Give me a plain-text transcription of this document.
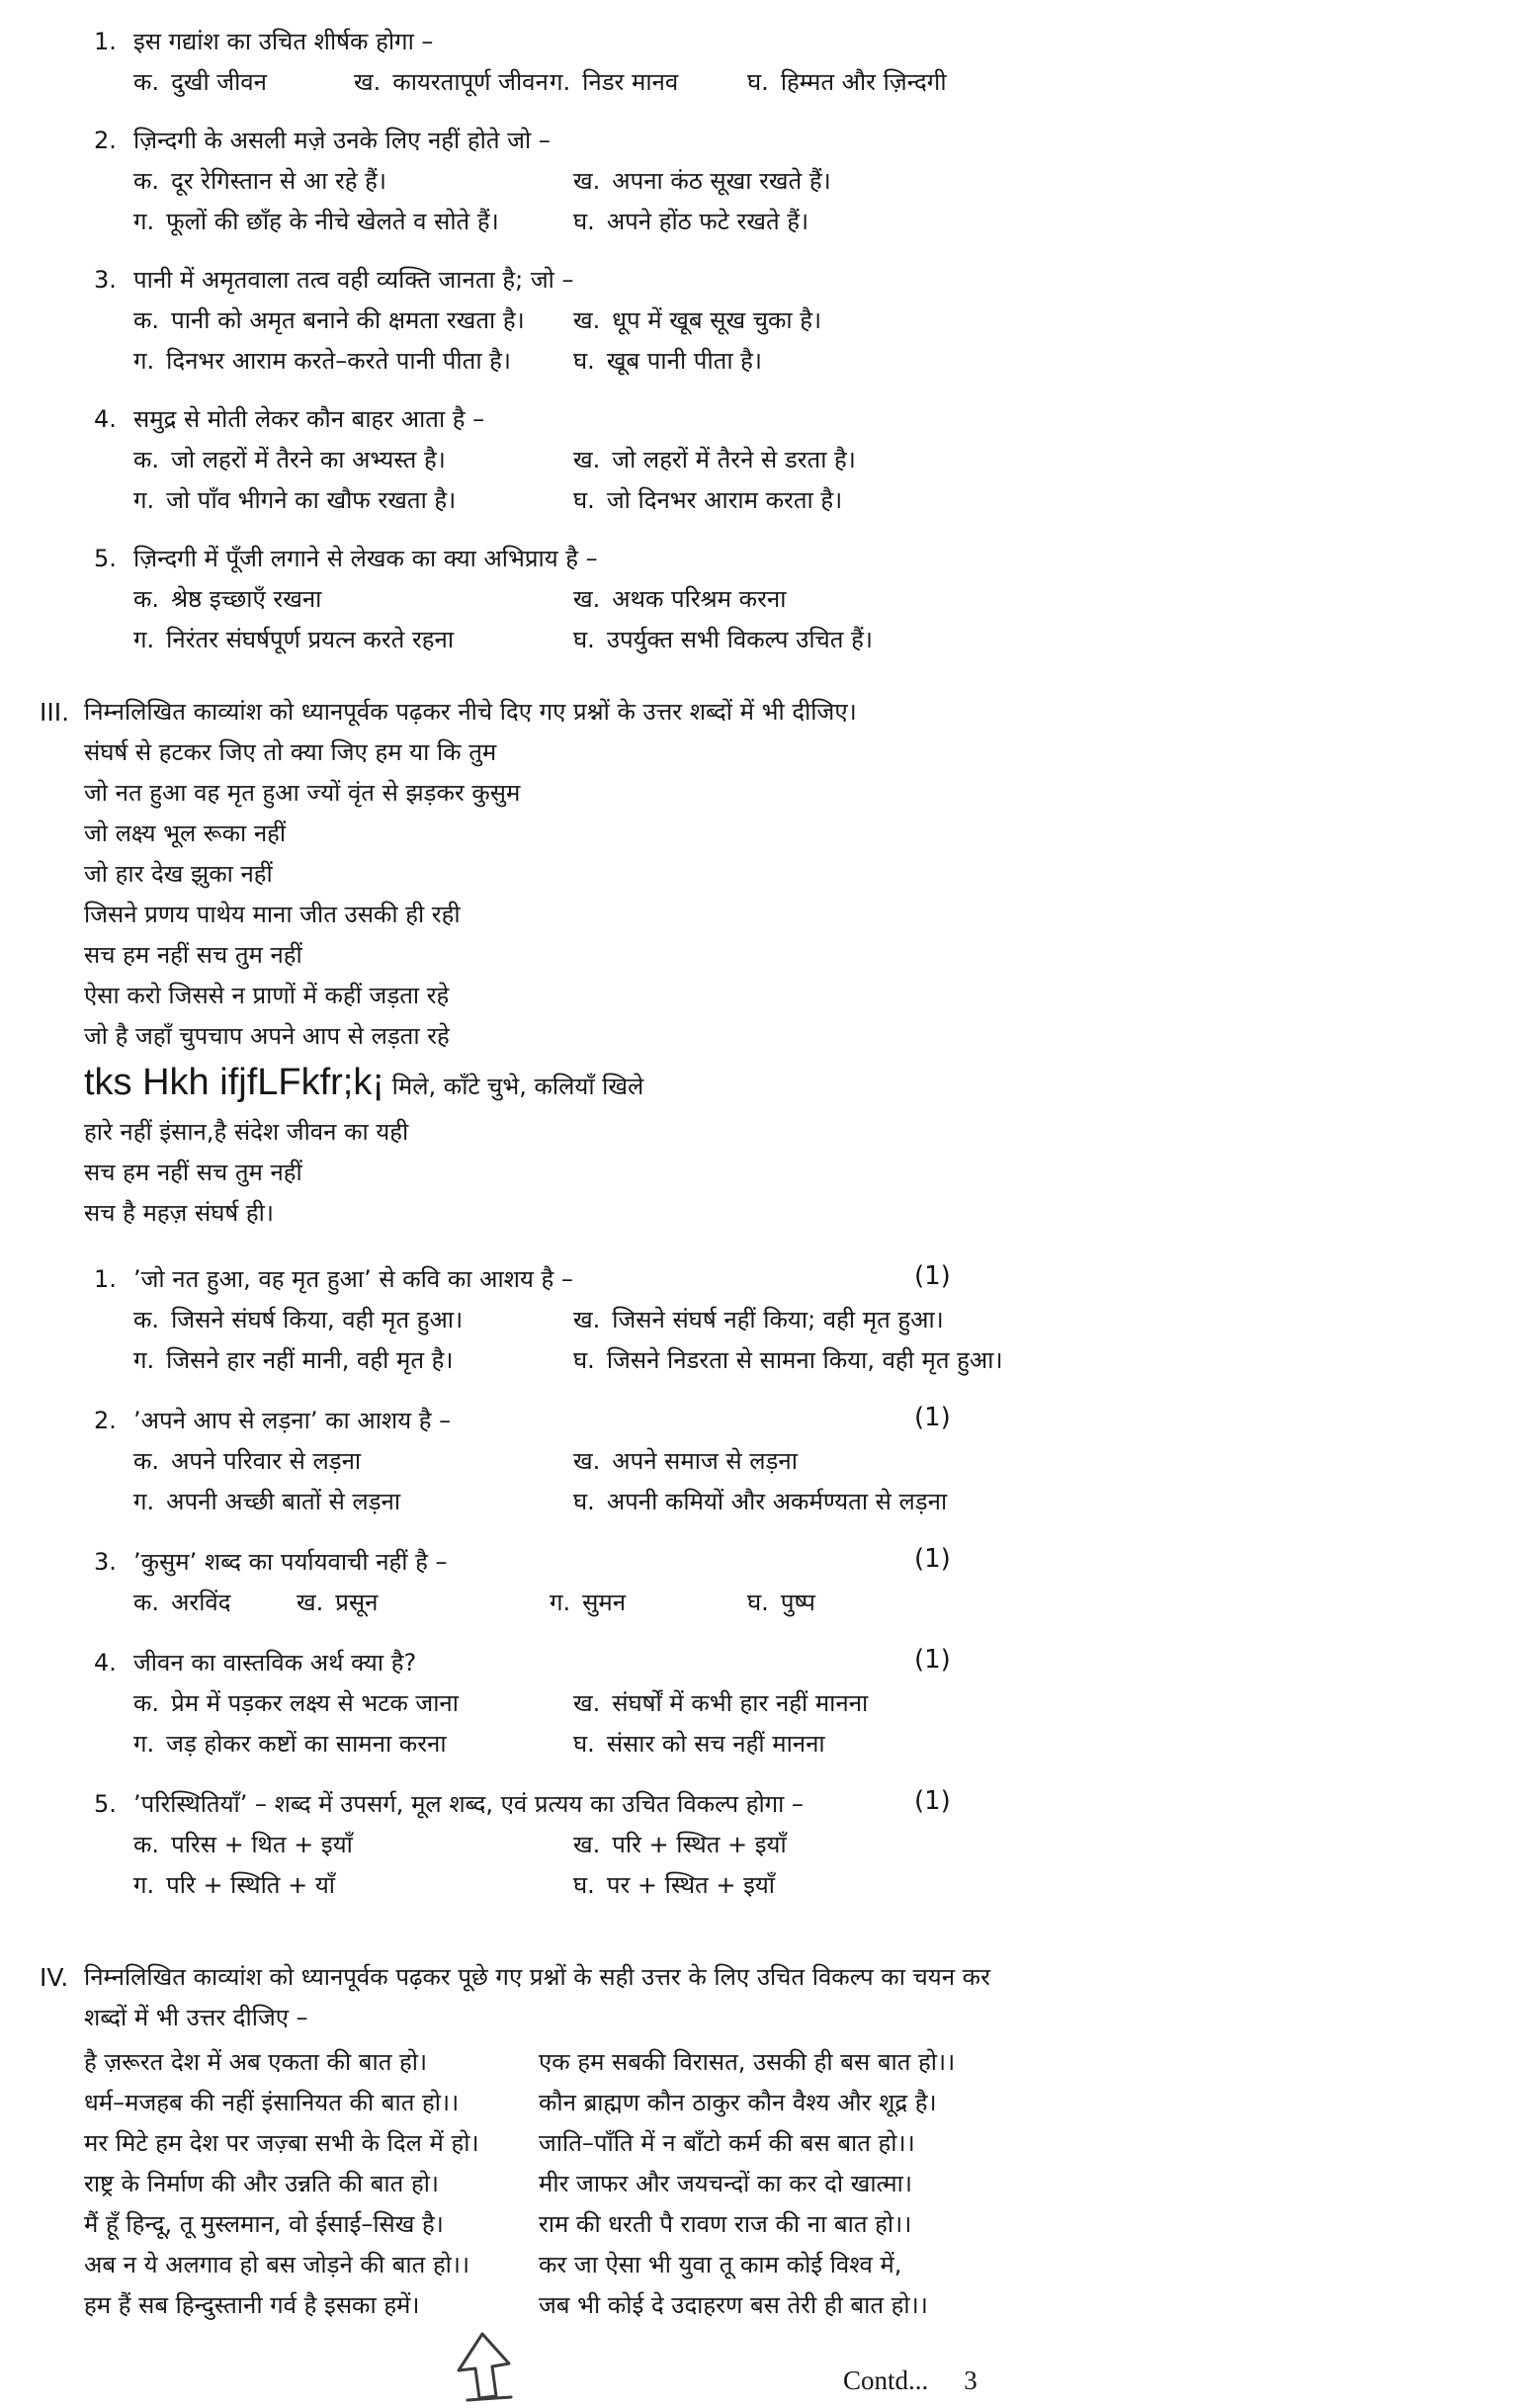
1. इस गद्यांश का उचित शीर्षक होगा –
क. दुखी जीवन	ख. कायरतापूर्ण जीवन ग. निडर मानव	घ. हिम्मत और ज़िन्दगी
2. ज़िन्दगी के असली मज़े उनके लिए नहीं होते जो –
क. दूर रेगिस्तान से आ रहे हैं।	ख. अपना कंठ सूखा रखते हैं।
ग. फूलों की छाँह के नीचे खेलते व सोते हैं।	घ. अपने होंठ फटे रखते हैं।
3. पानी में अमृतवाला तत्व वही व्यक्ति जानता है; जो –
क. पानी को अमृत बनाने की क्षमता रखता है। ख. धूप में खूब सूख चुका है।
ग. दिनभर आराम करते–करते पानी पीता है।	घ. खूब पानी पीता है।
4. समुद्र से मोती लेकर कौन बाहर आता है –
क. जो लहरों में तैरने का अभ्यस्त है।	ख. जो लहरों में तैरने से डरता है।
ग. जो पाँव भीगने का खौफ रखता है।	घ. जो दिनभर आराम करता है।
5. ज़िन्दगी में पूँजी लगाने से लेखक का क्या अभिप्राय है –
क. श्रेष्ठ इच्छाएँ रखना	ख. अथक परिश्रम करना
ग. निरंतर संघर्षपूर्ण प्रयत्न करते रहना	घ. उपर्युक्त सभी विकल्प उचित हैं।
III. निम्नलिखित काव्यांश को ध्यानपूर्वक पढ़कर नीचे दिए गए प्रश्नों के उत्तर शब्दों में भी दीजिए।
संघर्ष से हटकर जिए तो क्या जिए हम या कि तुम
जो नत हुआ वह मृत हुआ ज्यों वृंत से झड़कर कुसुम
जो लक्ष्य भूल रूका नहीं
जो हार देख झुका नहीं
जिसने प्रणय पाथेय माना जीत उसकी ही रही
सच हम नहीं सच तुम नहीं
ऐसा करो जिससे न प्राणों में कहीं जड़ता रहे
जो है जहाँ चुपचाप अपने आप से लड़ता रहे
tks Hkh ifjfLFkfr;k¡ मिले, काँटे चुभे, कलियाँ खिले
हारे नहीं इंसान,है संदेश जीवन का यही
सच हम नहीं सच तुम नहीं
सच है महज़ संघर्ष ही।
1. ’जो नत हुआ, वह मृत हुआ’ से कवि का आशय है –	(1)
क. जिसने संघर्ष किया, वही मृत हुआ।	ख. जिसने संघर्ष नहीं किया; वही मृत हुआ।
ग. जिसने हार नहीं मानी, वही मृत है।	घ. जिसने निडरता से सामना किया, वही मृत हुआ।
2. ’अपने आप से लड़ना’ का आशय है –	(1)
क. अपने परिवार से लड़ना	ख. अपने समाज से लड़ना
ग. अपनी अच्छी बातों से लड़ना	घ. अपनी कमियों और अकर्मण्यता से लड़ना
3. ’कुसुम’ शब्द का पर्यायवाची नहीं है –	(1)
क. अरविंद	ख. प्रसून	ग. सुमन	घ. पुष्प
4. जीवन का वास्तविक अर्थ क्या है?	(1)
क. प्रेम में पड़कर लक्ष्य से भटक जाना	ख. संघर्षों में कभी हार नहीं मानना
ग. जड़ होकर कष्टों का सामना करना	घ. संसार को सच नहीं मानना
5. ’परिस्थितियाँ’ – शब्द में उपसर्ग, मूल शब्द, एवं प्रत्यय का उचित विकल्प होगा –	(1)
क. परिस + थित + इयाँ	ख. परि + स्थित + इयाँ
ग. परि + स्थिति + याँ	घ. पर + स्थित + इयाँ
IV. निम्नलिखित काव्यांश को ध्यानपूर्वक पढ़कर पूछे गए प्रश्नों के सही उत्तर के लिए उचित विकल्प का चयन कर
शब्दों में भी उत्तर दीजिए –
है ज़रूरत देश में अब एकता की बात हो।	एक हम सबकी विरासत, उसकी ही बस बात हो।।
धर्म–मजहब की नहीं इंसानियत की बात हो।।	कौन ब्राह्मण कौन ठाकुर कौन वैश्य और शूद्र है।
मर मिटे हम देश पर जज़्बा सभी के दिल में हो।	जाति–पाँति में न बाँटो कर्म की बस बात हो।।
राष्ट्र के निर्माण की और उन्नति की बात हो।	मीर जाफर और जयचन्दों का कर दो खात्मा।
मैं हूँ हिन्दू, तू मुस्लमान, वो ईसाई–सिख है।	राम की धरती पै रावण राज की ना बात हो।।
अब न ये अलगाव हो बस जोड़ने की बात हो।।	कर जा ऐसा भी युवा तू काम कोई विश्व में,
हम हैं सब हिन्दुस्तानी गर्व है इसका हमें।	जब भी कोई दे उदाहरण बस तेरी ही बात हो।।
Contd... 3
